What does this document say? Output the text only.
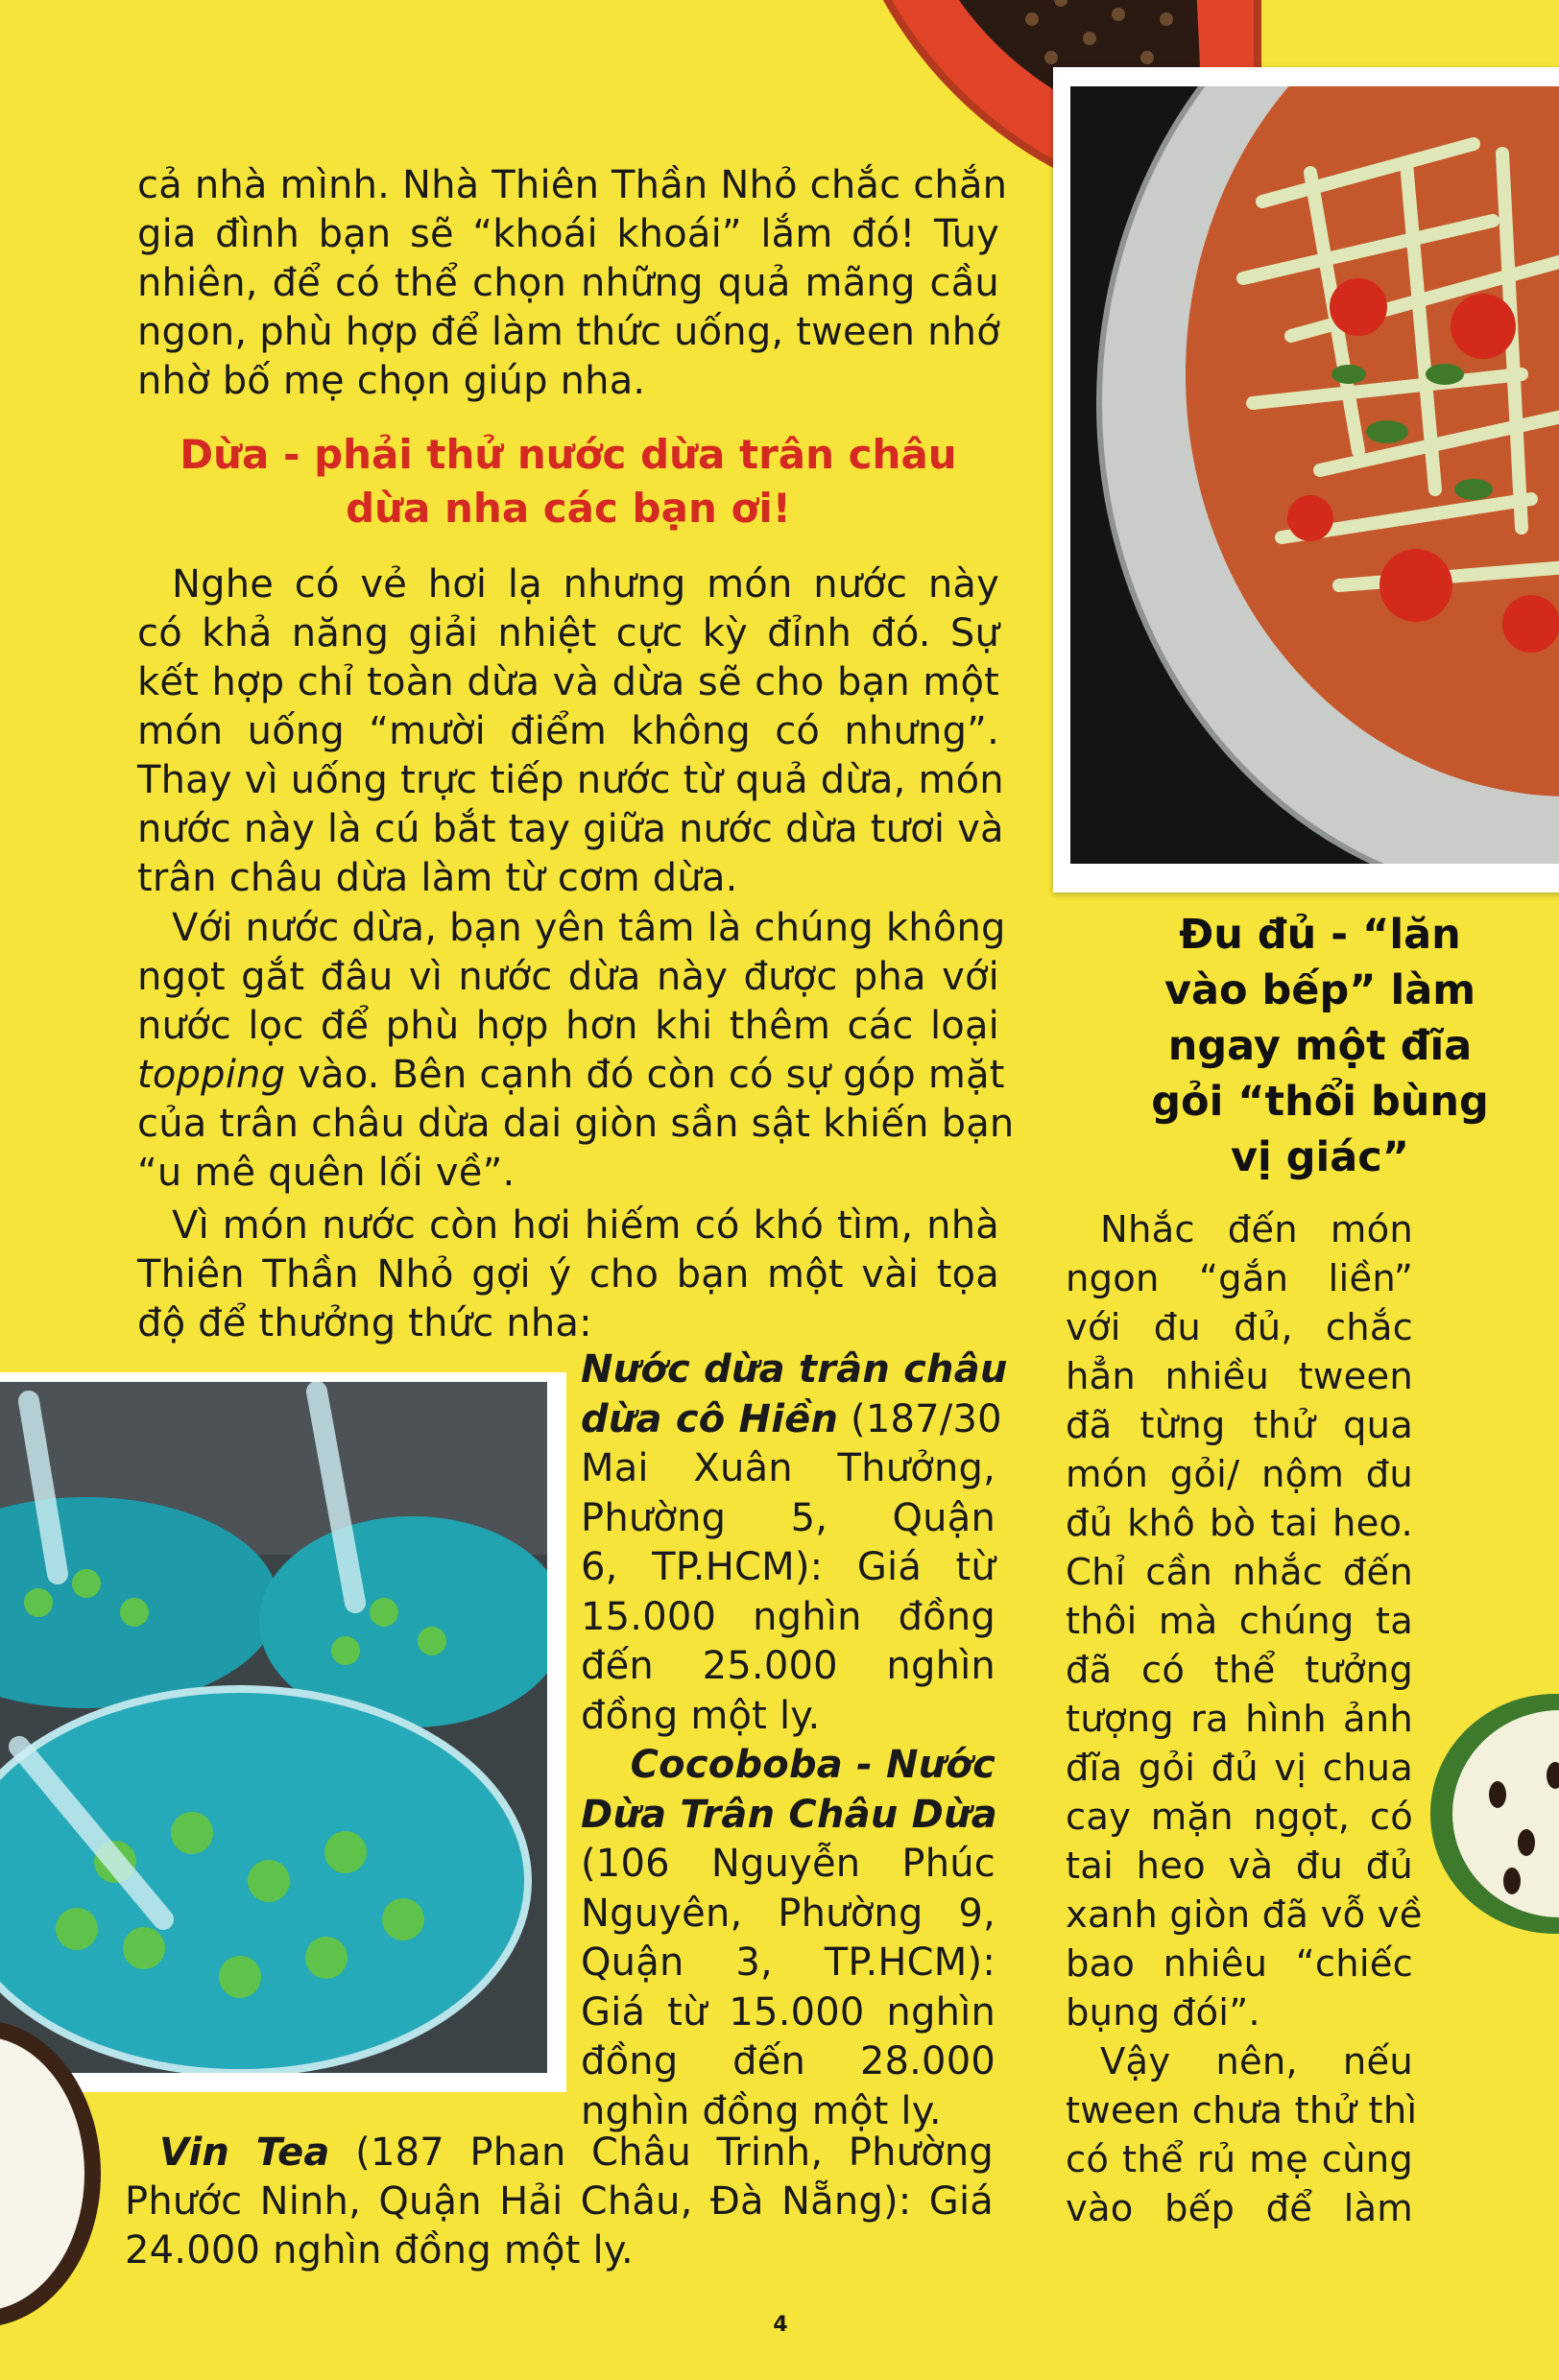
cả nhà mình. Nhà Thiên Thần Nhỏ chắc chắn
gia đình bạn sẽ “khoái khoái” lắm đó! Tuy
nhiên, để có thể chọn những quả mãng cầu
ngon, phù hợp để làm thức uống, tween nhớ
nhờ bố mẹ chọn giúp nha.
Dừa - phải thử nước dừa trân châu
dừa nha các bạn ơi!
Nghe có vẻ hơi lạ nhưng món nước này
có khả năng giải nhiệt cực kỳ đỉnh đó. Sự
kết hợp chỉ toàn dừa và dừa sẽ cho bạn một
món uống “mười điểm không có nhưng”.
Thay vì uống trực tiếp nước từ quả dừa, món
nước này là cú bắt tay giữa nước dừa tươi và
trân châu dừa làm từ cơm dừa.
Với nước dừa, bạn yên tâm là chúng không
ngọt gắt đâu vì nước dừa này được pha với
nước lọc để phù hợp hơn khi thêm các loại
topping vào. Bên cạnh đó còn có sự góp mặt
của trân châu dừa dai giòn sần sật khiến bạn
“u mê quên lối về”.
Vì món nước còn hơi hiếm có khó tìm, nhà
Thiên Thần Nhỏ gợi ý cho bạn một vài tọa
độ để thưởng thức nha:
Nước dừa trân châu
dừa cô Hiền (187/30
Mai Xuân Thưởng,
Phường 5, Quận
6, TP.HCM): Giá từ
15.000 nghìn đồng
đến 25.000 nghìn
đồng một ly.
Cocoboba - Nước
Dừa Trân Châu Dừa
(106 Nguyễn Phúc
Nguyên, Phường 9,
Quận 3, TP.HCM):
Giá từ 15.000 nghìn
đồng đến 28.000
nghìn đồng một ly.
Vin Tea (187 Phan Châu Trinh, Phường
Phước Ninh, Quận Hải Châu, Đà Nẵng): Giá
24.000 nghìn đồng một ly.
Đu đủ - “lăn
vào bếp” làm
ngay một đĩa
gỏi “thổi bùng
vị giác”
Nhắc đến món
ngon “gắn liền”
với đu đủ, chắc
hẳn nhiều tween
đã từng thử qua
món gỏi/ nộm đu
đủ khô bò tai heo.
Chỉ cần nhắc đến
thôi mà chúng ta
đã có thể tưởng
tượng ra hình ảnh
đĩa gỏi đủ vị chua
cay mặn ngọt, có
tai heo và đu đủ
xanh giòn đã vỗ về
bao nhiêu “chiếc
bụng đói”.
Vậy nên, nếu
tween chưa thử thì
có thể rủ mẹ cùng
vào bếp để làm
4
